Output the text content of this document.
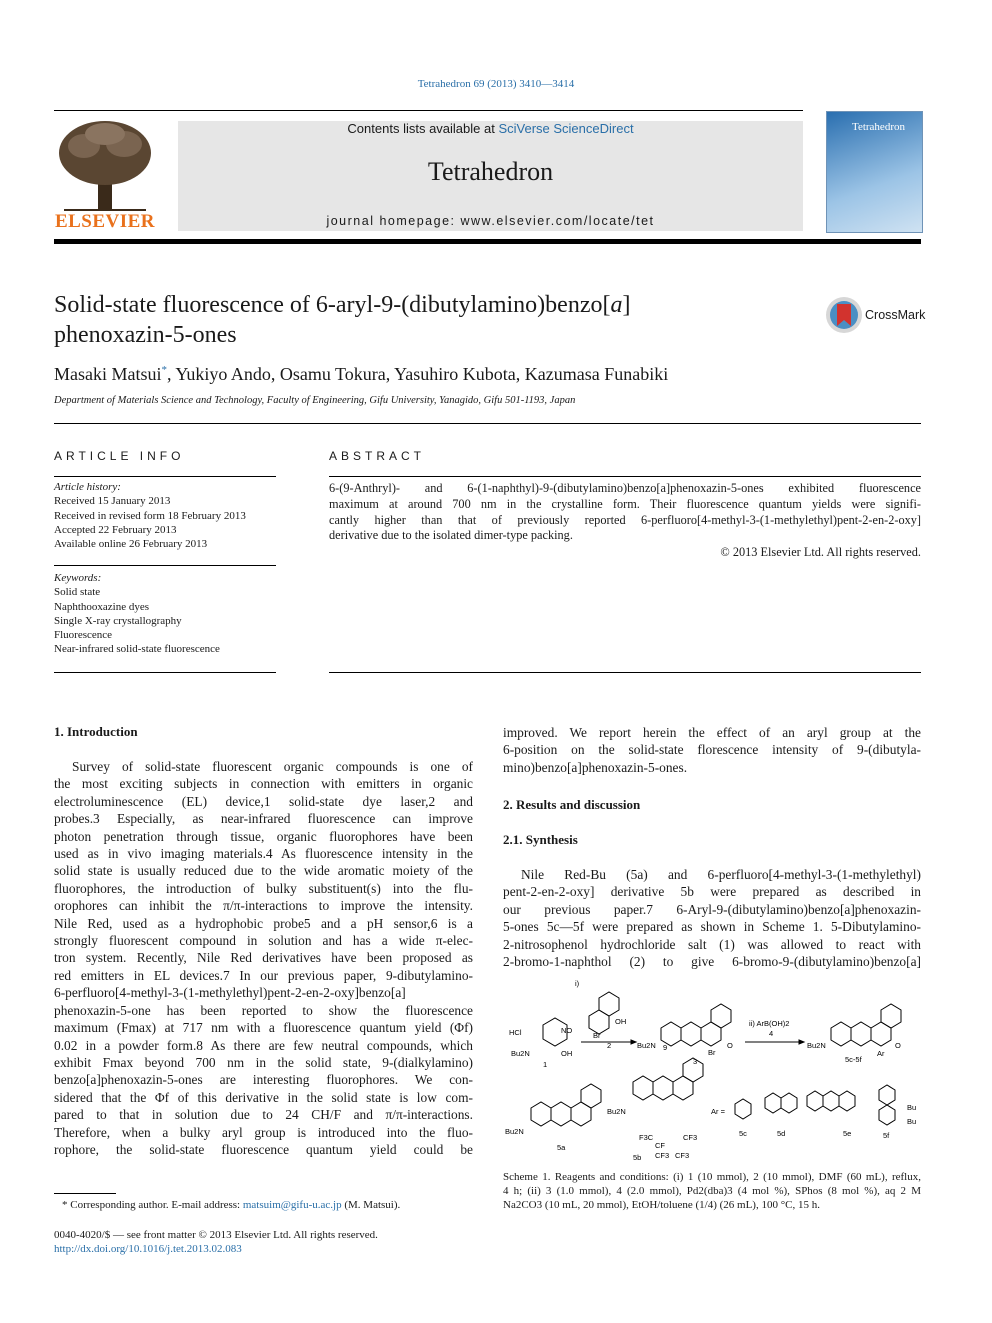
Tetrahedron 69 (2013) 3410—3414
ELSEVIER
Contents lists available at SciVerse ScienceDirect
Tetrahedron
journal homepage: www.elsevier.com/locate/tet
Tetrahedron
Solid-state fluorescence of 6-aryl-9-(dibutylamino)benzo[a]
phenoxazin-5-ones
CrossMark
Masaki Matsui*, Yukiyo Ando, Osamu Tokura, Yasuhiro Kubota, Kazumasa Funabiki
Department of Materials Science and Technology, Faculty of Engineering, Gifu University, Yanagido, Gifu 501-1193, Japan
ARTICLE INFO
Article history:
Received 15 January 2013
Received in revised form 18 February 2013
Accepted 22 February 2013
Available online 26 February 2013
Keywords:
Solid state
Naphthooxazine dyes
Single X-ray crystallography
Fluorescence
Near-infrared solid-state fluorescence
ABSTRACT
6-(9-Anthryl)- and 6-(1-naphthyl)-9-(dibutylamino)benzo[a]phenoxazin-5-ones exhibited fluorescence
maximum at around 700 nm in the crystalline form. Their fluorescence quantum yields were signifi-
cantly higher than that of previously reported 6-perfluoro[4-methyl-3-(1-methylethyl)pent-2-en-2-oxy]
derivative due to the isolated dimer-type packing.
© 2013 Elsevier Ltd. All rights reserved.
1. Introduction
Survey of solid-state fluorescent organic compounds is one of
the most exciting subjects in connection with emitters in organic
electroluminescence (EL) device,1 solid-state dye laser,2 and
probes.3 Especially, as near-infrared fluorescence can improve
photon penetration through tissue, organic fluorophores have been
used as in vivo imaging materials.4 As fluorescence intensity in the
solid state is usually reduced due to the wide aromatic moiety of the
fluorophores, the introduction of bulky substituent(s) into the flu-
orophores can inhibit the π/π-interactions to improve the intensity.
Nile Red, used as a hydrophobic probe5 and a pH sensor,6 is a
strongly fluorescent compound in solution and has a wide π-elec-
tron system. Recently, Nile Red derivatives have been proposed as
red emitters in EL devices.7 In our previous paper, 9-dibutylamino-
6-perfluoro[4-methyl-3-(1-methylethyl)pent-2-en-2-oxy]benzo[a]
phenoxazin-5-one has been reported to show the fluorescence
maximum (Fmax) at 717 nm with a fluorescence quantum yield (Φf)
0.02 in a powder form.8 As there are few neutral compounds, which
exhibit Fmax beyond 700 nm in the solid state, 9-(dialkylamino)
benzo[a]phenoxazin-5-ones are interesting fluorophores. We con-
sidered that the Φf of this derivative in the solid state is low com-
pared to that in solution due to 24 CH/F and π/π-interactions.
Therefore, when a bulky aryl group is introduced into the fluo-
rophore, the solid-state fluorescence quantum yield could be
improved. We report herein the effect of an aryl group at the
6-position on the solid-state florescence intensity of 9-(dibutyla-
mino)benzo[a]phenoxazin-5-ones.
2. Results and discussion
2.1. Synthesis
Nile Red-Bu (5a) and 6-perfluoro[4-methyl-3-(1-methylethyl)
pent-2-en-2-oxy] derivative 5b were prepared as described in
our previous paper.7 6-Aryl-9-(dibutylamino)benzo[a]phenoxazin-
5-ones 5c—5f were prepared as shown in Scheme 1. 5-Dibutylamino-
2-nitrosophenol hydrochloride salt (1) was allowed to react with
2-bromo-1-naphthol (2) to give 6-bromo-9-(dibutylamino)benzo[a]
HCl	NO
Bu2N	OH
1
i)
OH
Br
2	Bu2N 9
Br
O
3
ii) ArB(OH)2
4
Bu2N
Ar
O
5c-5f
Bu2N
5a
Bu2N
F3C
CF
CF3
CF3 CF3
5b
Ar =
5c	5d	5e
Bu
Bu
5f
Scheme 1. Reagents and conditions: (i) 1 (10 mmol), 2 (10 mmol), DMF (60 mL), reflux,
4 h; (ii) 3 (1.0 mmol), 4 (2.0 mmol), Pd2(dba)3 (4 mol %), SPhos (8 mol %), aq 2 M
Na2CO3 (10 mL, 20 mmol), EtOH/toluene (1/4) (26 mL), 100 °C, 15 h.
* Corresponding author. E-mail address: matsuim@gifu-u.ac.jp (M. Matsui).
0040-4020/$ — see front matter © 2013 Elsevier Ltd. All rights reserved.
http://dx.doi.org/10.1016/j.tet.2013.02.083
